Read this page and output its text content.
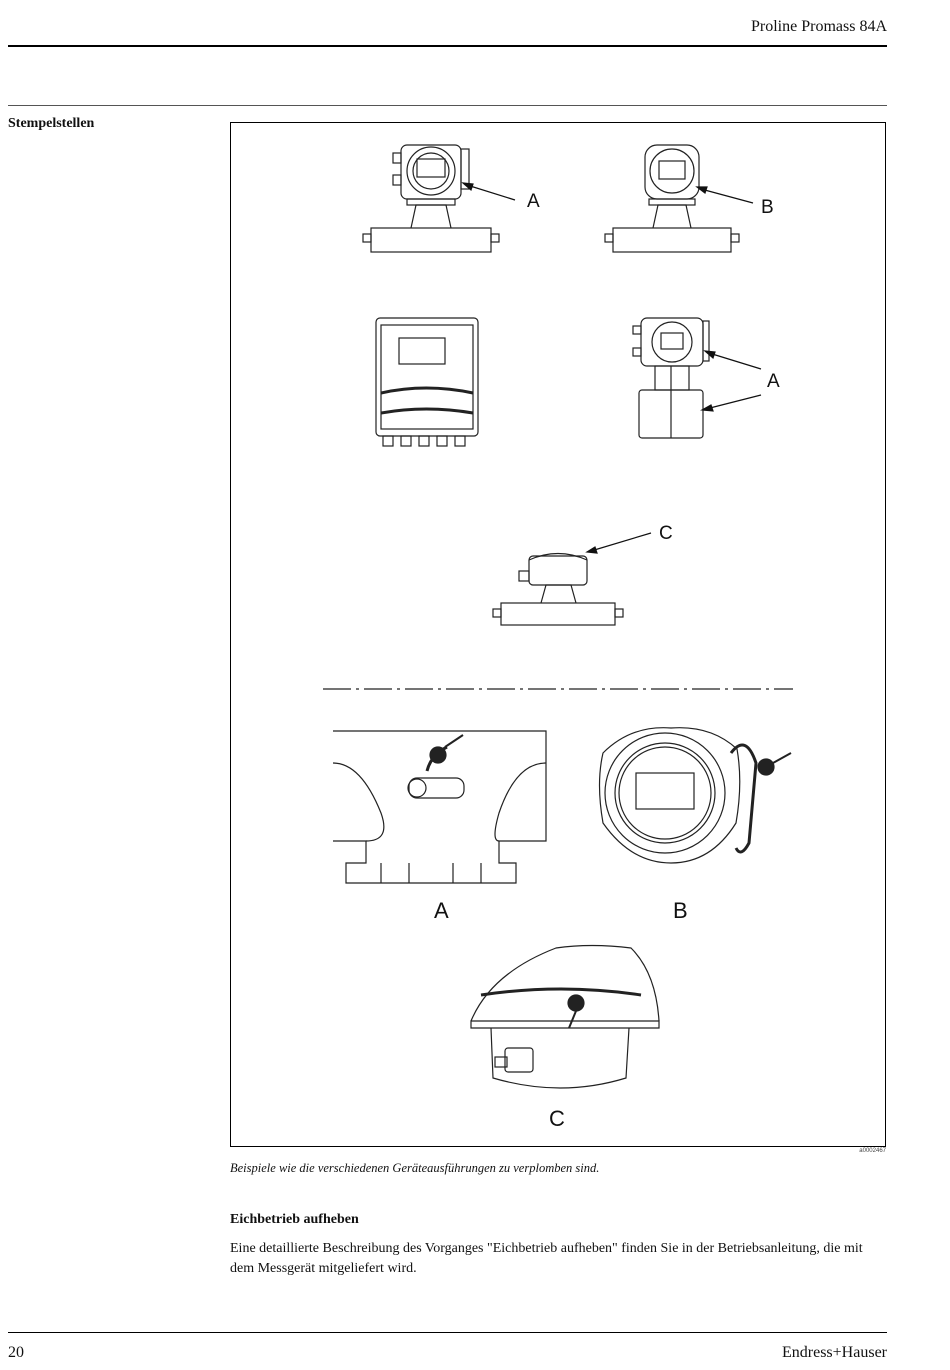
Proline Promass 84A
Stempelstellen
A	B
A
C
A	B
C
a0002467
Beispiele wie die verschiedenen Geräteausführungen zu verplomben sind.
Eichbetrieb aufheben
Eine detaillierte Beschreibung des Vorganges "Eichbetrieb aufheben" finden Sie in der Betriebsanleitung, die mit dem Messgerät mitgeliefert wird.
20	Endress+Hauser
